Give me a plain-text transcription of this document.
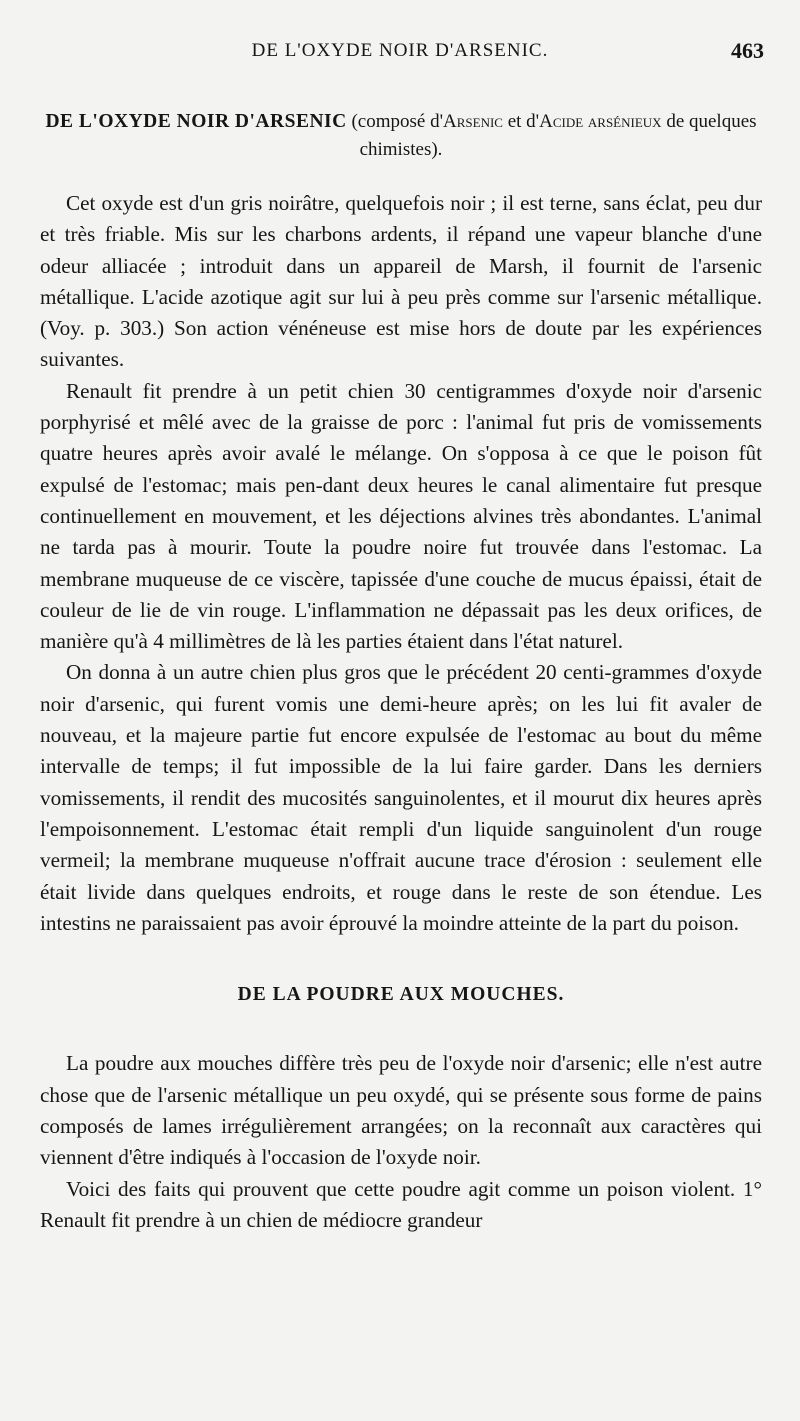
DE L'OXYDE NOIR D'ARSENIC.	463
DE L'OXYDE NOIR D'ARSENIC (composé d'Arsenic et d'Acide arsénieux de quelques chimistes).

Cet oxyde est d'un gris noirâtre, quelquefois noir ; il est terne, sans éclat, peu dur et très friable. Mis sur les charbons ardents, il répand une vapeur blanche d'une odeur alliacée ; introduit dans un appareil de Marsh, il fournit de l'arsenic métallique. L'acide azotique agit sur lui à peu près comme sur l'arsenic métallique. (Voy. p. 303.) Son action vénéneuse est mise hors de doute par les expériences suivantes.

Renault fit prendre à un petit chien 30 centigrammes d'oxyde noir d'arsenic porphyrisé et mêlé avec de la graisse de porc : l'animal fut pris de vomissements quatre heures après avoir avalé le mélange. On s'opposa à ce que le poison fût expulsé de l'estomac; mais pen-dant deux heures le canal alimentaire fut presque continuellement en mouvement, et les déjections alvines très abondantes. L'animal ne tarda pas à mourir. Toute la poudre noire fut trouvée dans l'estomac. La membrane muqueuse de ce viscère, tapissée d'une couche de mucus épaissi, était de couleur de lie de vin rouge. L'inflammation ne dépassait pas les deux orifices, de manière qu'à 4 millimètres de là les parties étaient dans l'état naturel.

On donna à un autre chien plus gros que le précédent 20 centi-grammes d'oxyde noir d'arsenic, qui furent vomis une demi-heure après; on les lui fit avaler de nouveau, et la majeure partie fut encore expulsée de l'estomac au bout du même intervalle de temps; il fut impossible de la lui faire garder. Dans les derniers vomissements, il rendit des mucosités sanguinolentes, et il mourut dix heures après l'empoisonnement. L'estomac était rempli d'un liquide sanguinolent d'un rouge vermeil; la membrane muqueuse n'offrait aucune trace d'érosion : seulement elle était livide dans quelques endroits, et rouge dans le reste de son étendue. Les intestins ne paraissaient pas avoir éprouvé la moindre atteinte de la part du poison.

DE LA POUDRE AUX MOUCHES.

La poudre aux mouches diffère très peu de l'oxyde noir d'arsenic; elle n'est autre chose que de l'arsenic métallique un peu oxydé, qui se présente sous forme de pains composés de lames irrégulièrement arrangées; on la reconnaît aux caractères qui viennent d'être indiqués à l'occasion de l'oxyde noir.

Voici des faits qui prouvent que cette poudre agit comme un poison violent. 1° Renault fit prendre à un chien de médiocre grandeur
